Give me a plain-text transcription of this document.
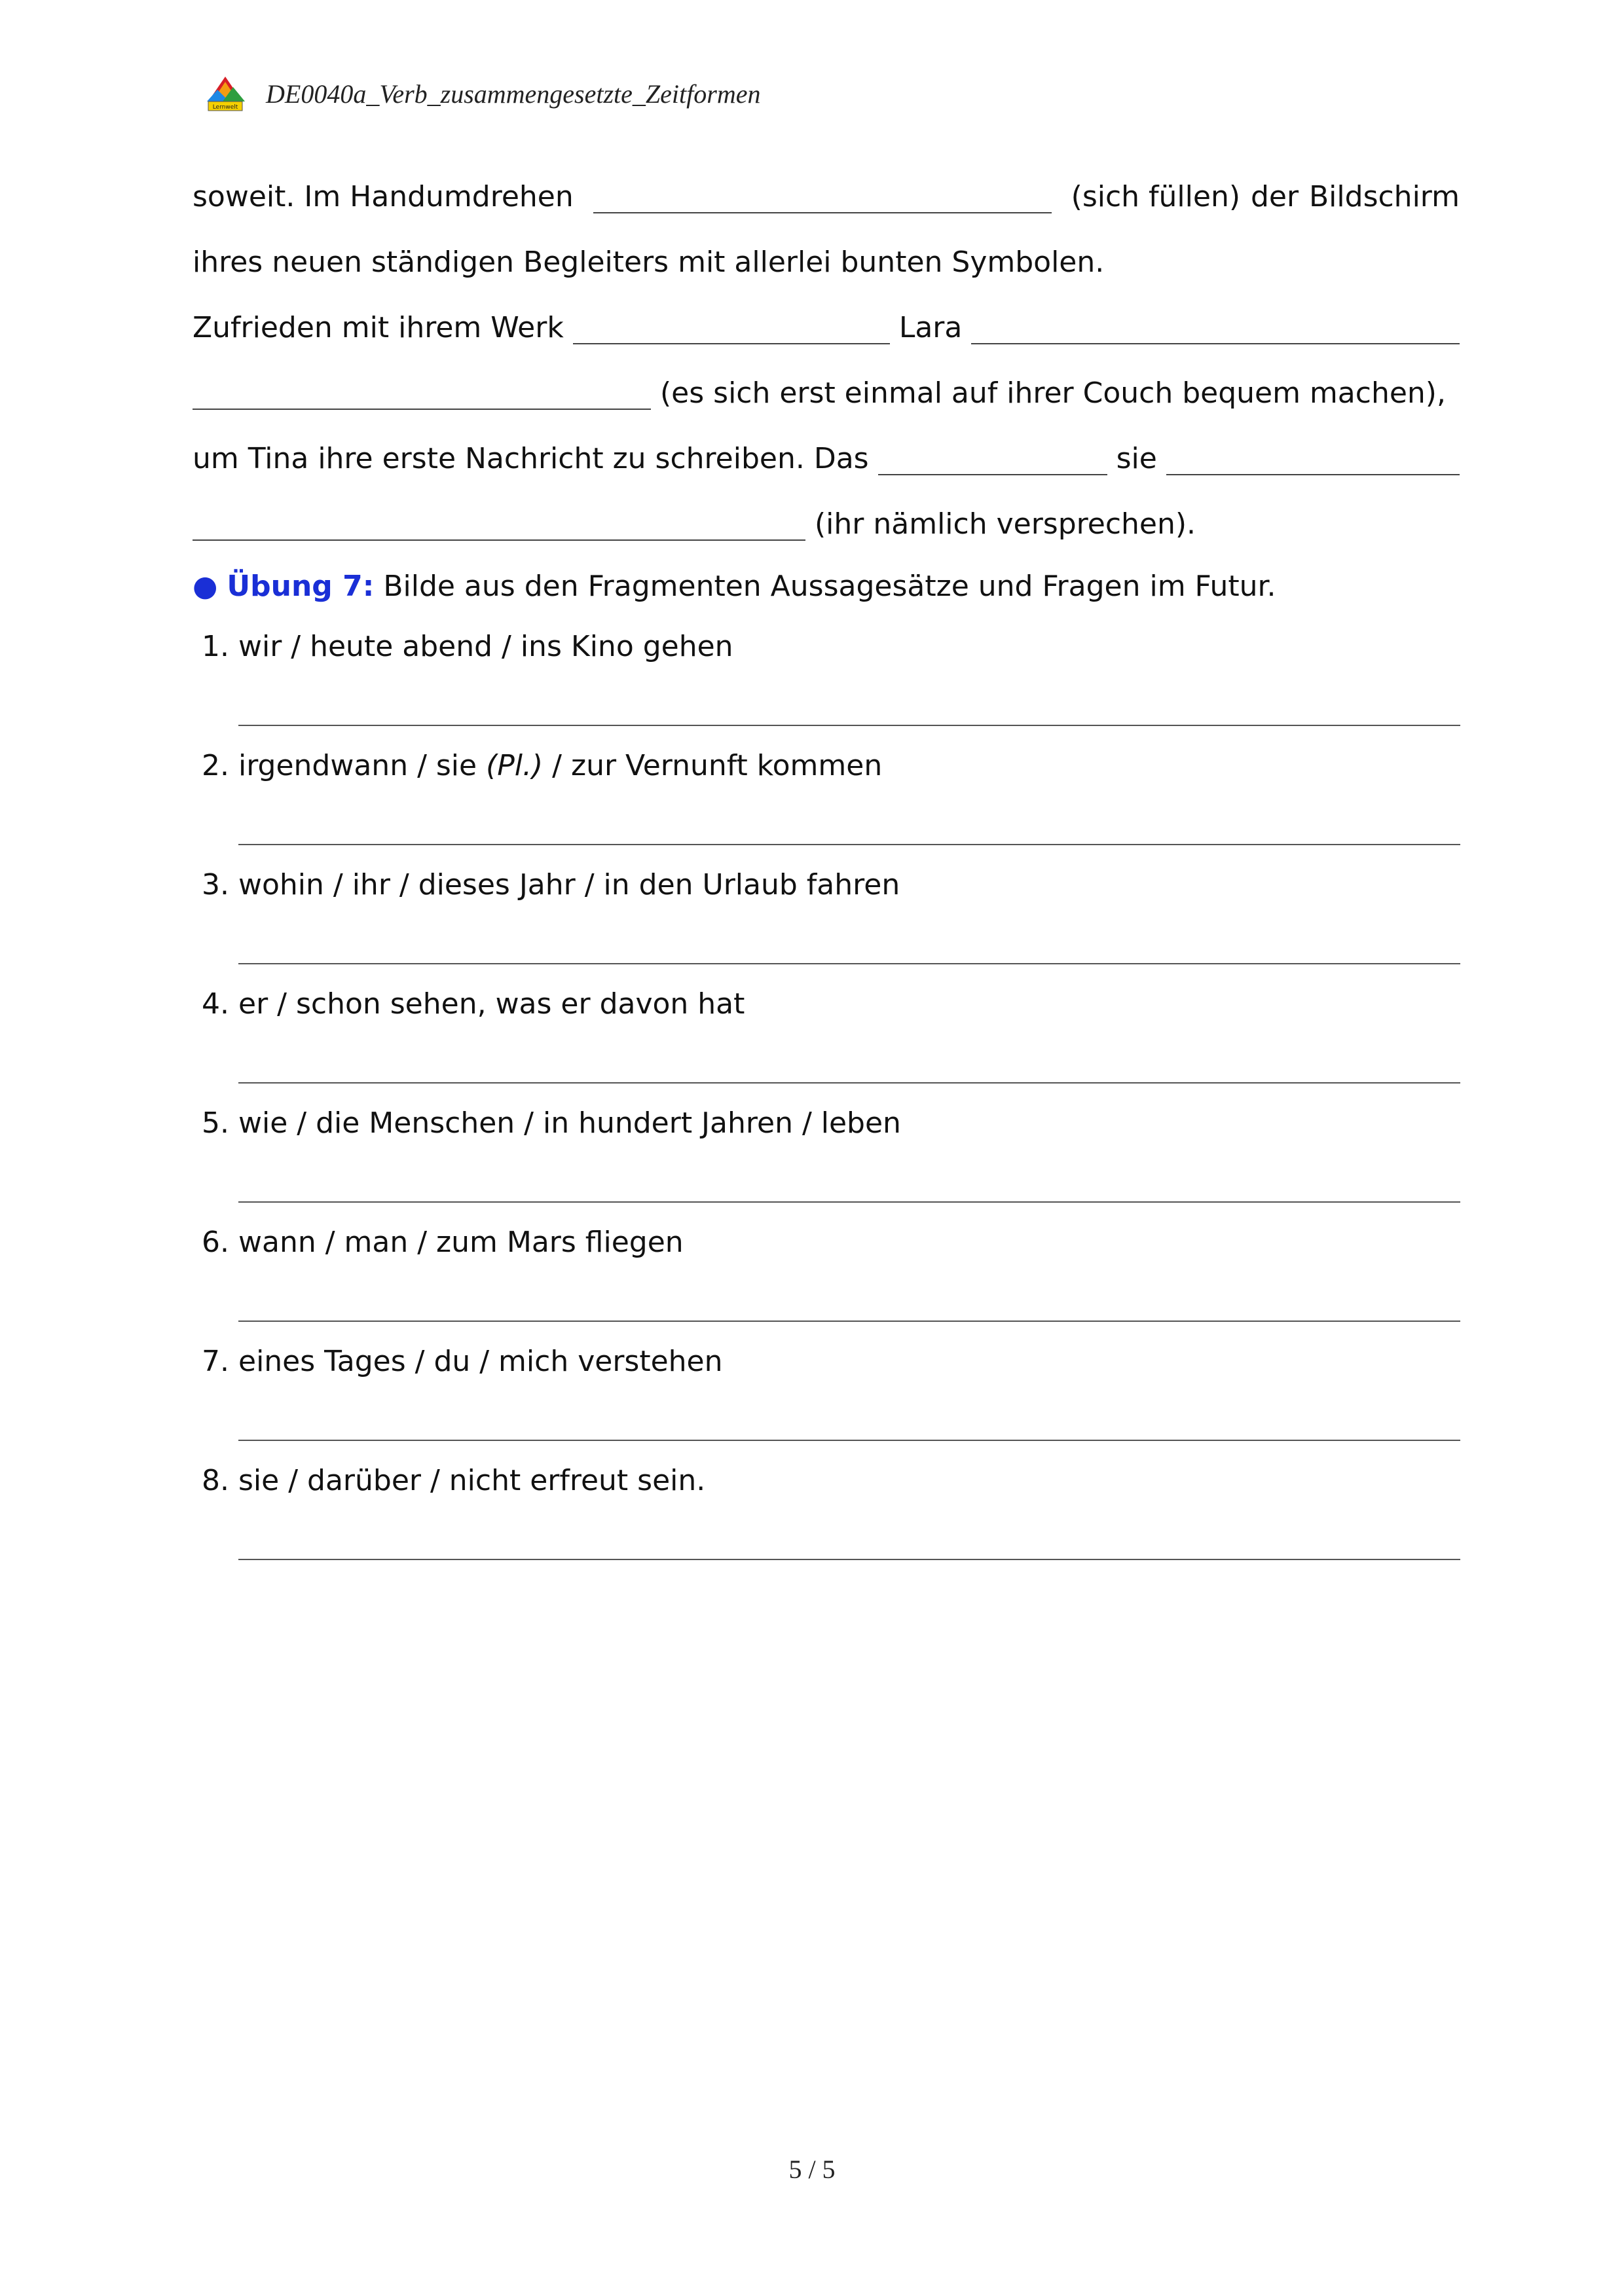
Lernwelt DE0040a_Verb_zusammengesetzte_Zeitformen
soweit. Im Handumdrehen	(sich füllen) der Bildschirm
ihres neuen ständigen Begleiters mit allerlei bunten Symbolen.
Zufrieden mit ihrem Werk	Lara
(es sich erst einmal auf ihrer Couch bequem machen),
um Tina ihre erste Nachricht zu schreiben. Das	sie
(ihr nämlich versprechen).
● Übung 7: Bilde aus den Fragmenten Aussagesätze und Fragen im Futur.
1. wir / heute abend / ins Kino gehen
2. irgendwann / sie (Pl.) / zur Vernunft kommen
3. wohin / ihr / dieses Jahr / in den Urlaub fahren
4. er / schon sehen, was er davon hat
5. wie / die Menschen / in hundert Jahren / leben
6. wann / man / zum Mars fliegen
7. eines Tages / du / mich verstehen
8. sie / darüber / nicht erfreut sein.
5 / 5
